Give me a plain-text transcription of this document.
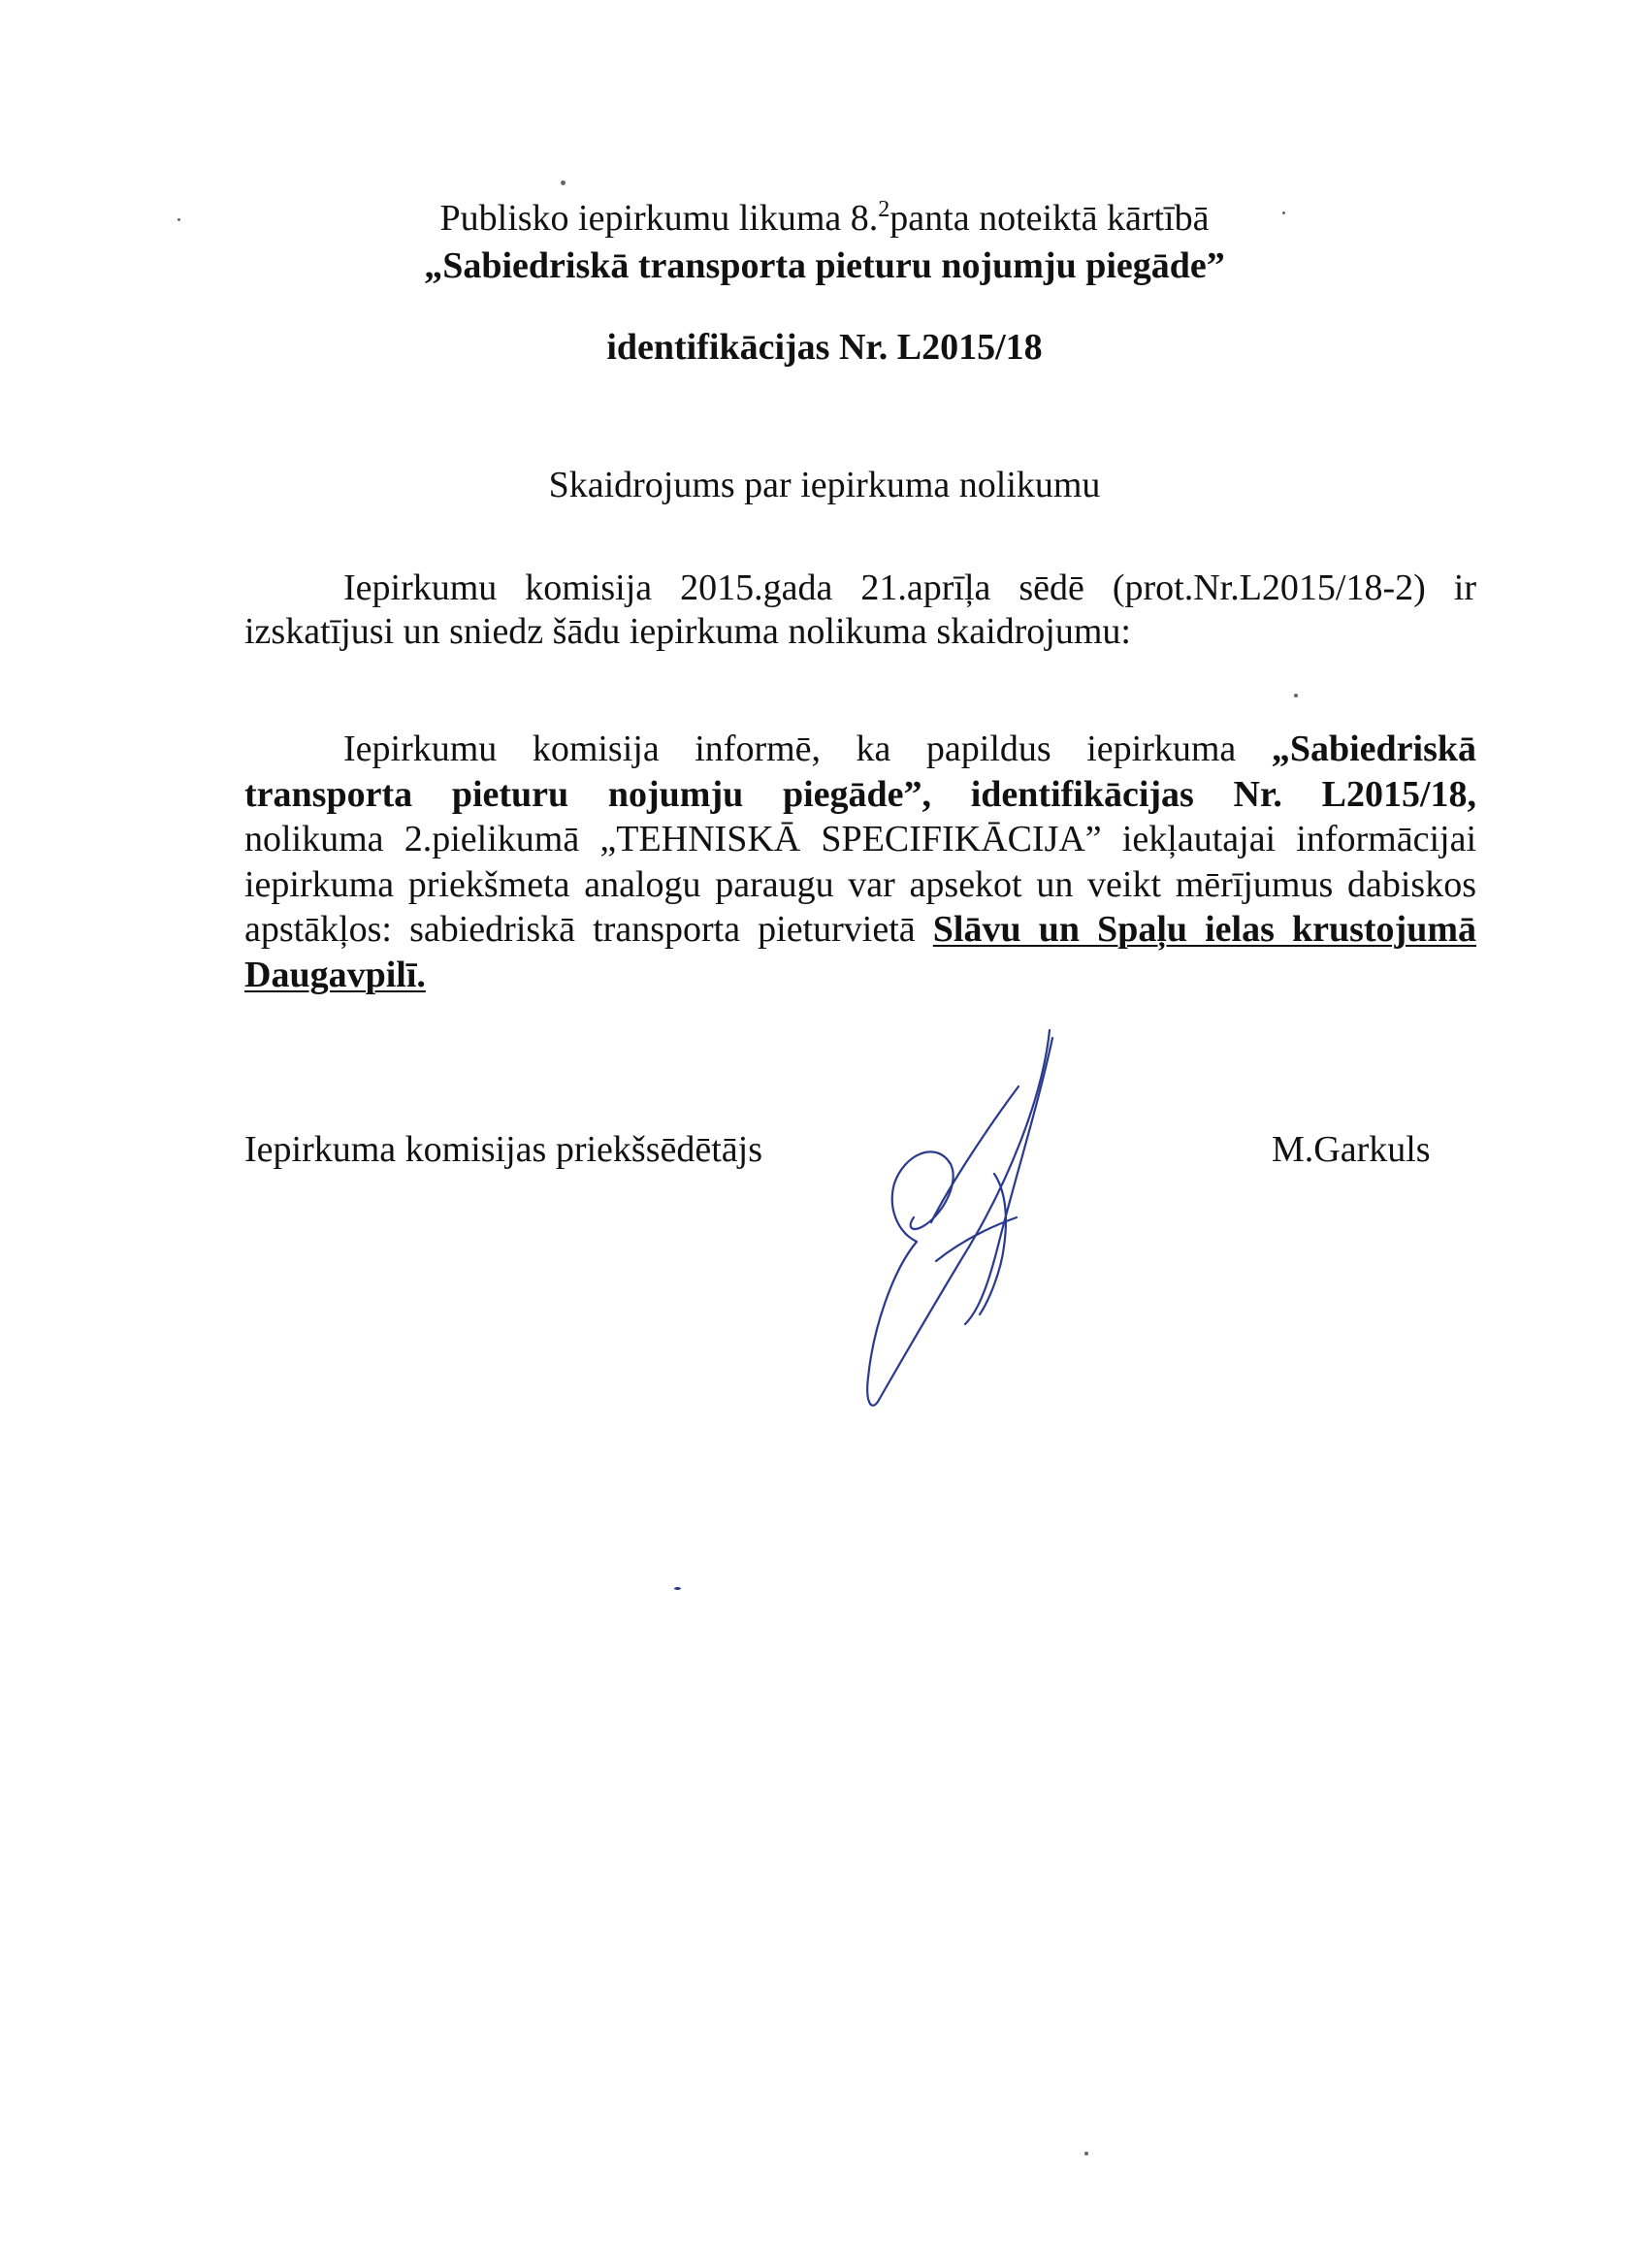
Publisko iepirkumu likuma 8.$^2$panta noteiktā kārtībā
„Sabiedriskā transporta pieturu nojumju piegāde”
identifikācijas Nr. L2015/18
Skaidrojums par iepirkuma nolikumu
Iepirkumu komisija 2015.gada 21.aprīļa sēdē (prot.Nr.L2015/18-2) ir
izskatījusi un sniedz šādu iepirkuma nolikuma skaidrojumu:
Iepirkumu komisija informē, ka papildus iepirkuma „Sabiedriskā
transporta pieturu nojumju piegāde”, identifikācijas Nr. L2015/18,
nolikuma 2.pielikumā „TEHNISKĀ SPECIFIKĀCIJA” iekļautajai informācijai
iepirkuma priekšmeta analogu paraugu var apsekot un veikt mērījumus dabiskos
apstākļos: sabiedriskā transporta pieturvietā Slāvu un Spaļu ielas krustojumā
Daugavpilī.
Iepirkuma komisijas priekšsēdētājs	M.Garkuls
